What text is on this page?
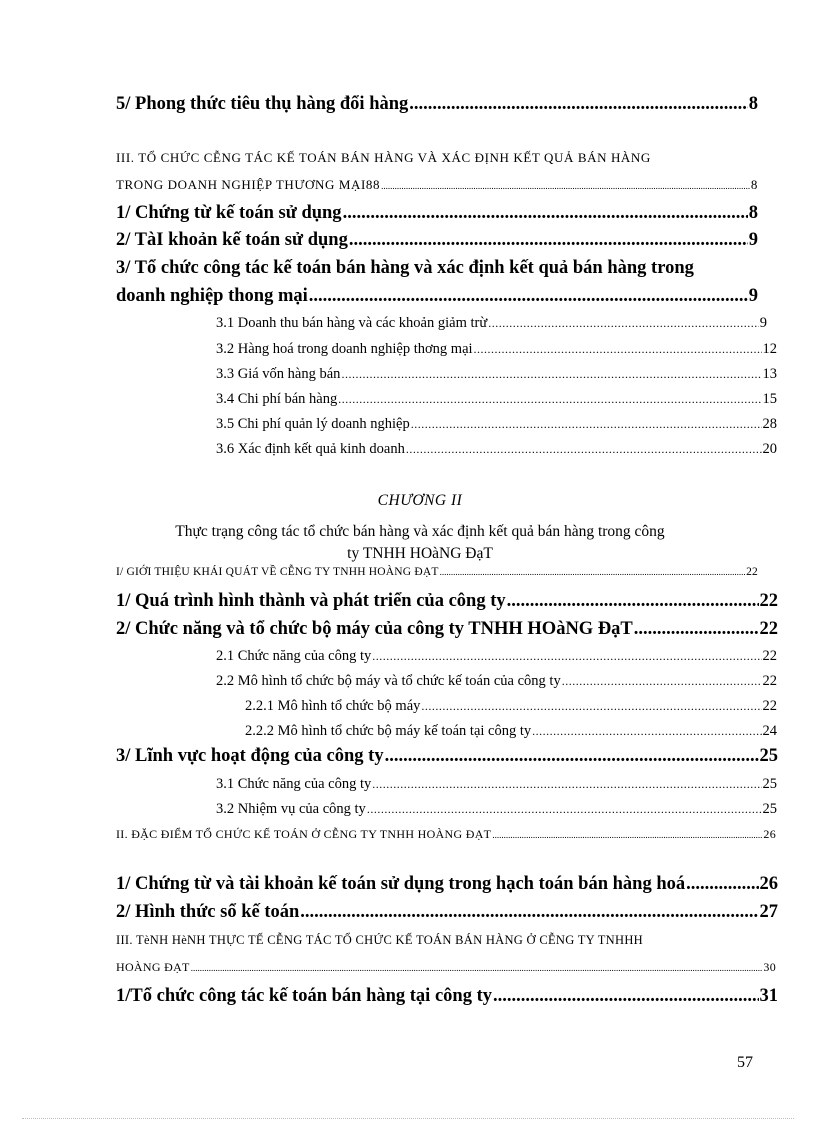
5/ Phong thức tiêu thụ hàng đổi hàng .....	8
III. TỔ CHỨC CỄNG TÁC KẾ TOÁN BÁN HÀNG VÀ XÁC ĐỊNH KẾT QUẢ BÁN HÀNG
TRONG DOANH NGHIỆP THƯƠNG MẠI88 .....	8
1/ Chứng từ kế toán sử dụng .....	8
2/ TàI khoản kế toán sử dụng .....	9
3/ Tổ chức công tác kế toán bán hàng và xác định kết quả bán hàng trong
doanh nghiệp thong mại .....	9
3.1 Doanh thu bán hàng và các khoản giảm trừ .....	9
3.2 Hàng hoá trong doanh nghiệp thơng mại .....	12
3.3 Giá vốn hàng bán .....	13
3.4 Chi phí bán hàng .....	15
3.5 Chi phí quản lý doanh nghiệp .....	28
3.6 Xác định kết quả kinh doanh .....	20
CHƯƠNG II
Thực trạng công tác tổ chức bán hàng và xác định kết quả bán hàng trong công
ty TNHH HOàNG ĐạT
I/ GIỚI THIỆU KHÁI QUÁT VỀ CỄNG TY TNHH HOÀNG ĐẠT .....	22
1/ Quá trình hình thành và phát triển của công ty .....	22
2/ Chức năng và tổ chức bộ máy của công ty TNHH HOàNG ĐạT .....	22
2.1 Chức năng của công ty .....	22
2.2 Mô hình tổ chức bộ máy và tổ chức kế toán của công ty .....	22
2.2.1 Mô hình tổ chức bộ máy .....	22
2.2.2 Mô hình tổ chức bộ máy kế toán tại công ty .....	24
3/ Lĩnh vực hoạt động của công ty .....	25
3.1 Chức năng của công ty .....	25
3.2 Nhiệm vụ của công ty .....	25
II. ĐẶC ĐIỂM TỔ CHỨC KẾ TOÁN Ở CỄNG TY TNHH HOÀNG ĐẠT .....	26
1/ Chứng từ và tài khoản kế toán sử dụng trong hạch toán bán hàng hoá .....	26
2/ Hình thức sổ kế toán .....	27
III. TèNH HèNH THỰC TẾ CỄNG TÁC TỔ CHỨC KẾ TOÁN BÁN HÀNG Ở CỄNG TY TNHHH
HOÀNG ĐẠT .....	30
1/Tổ chức công tác kế toán bán hàng tại công ty .....	31
57
